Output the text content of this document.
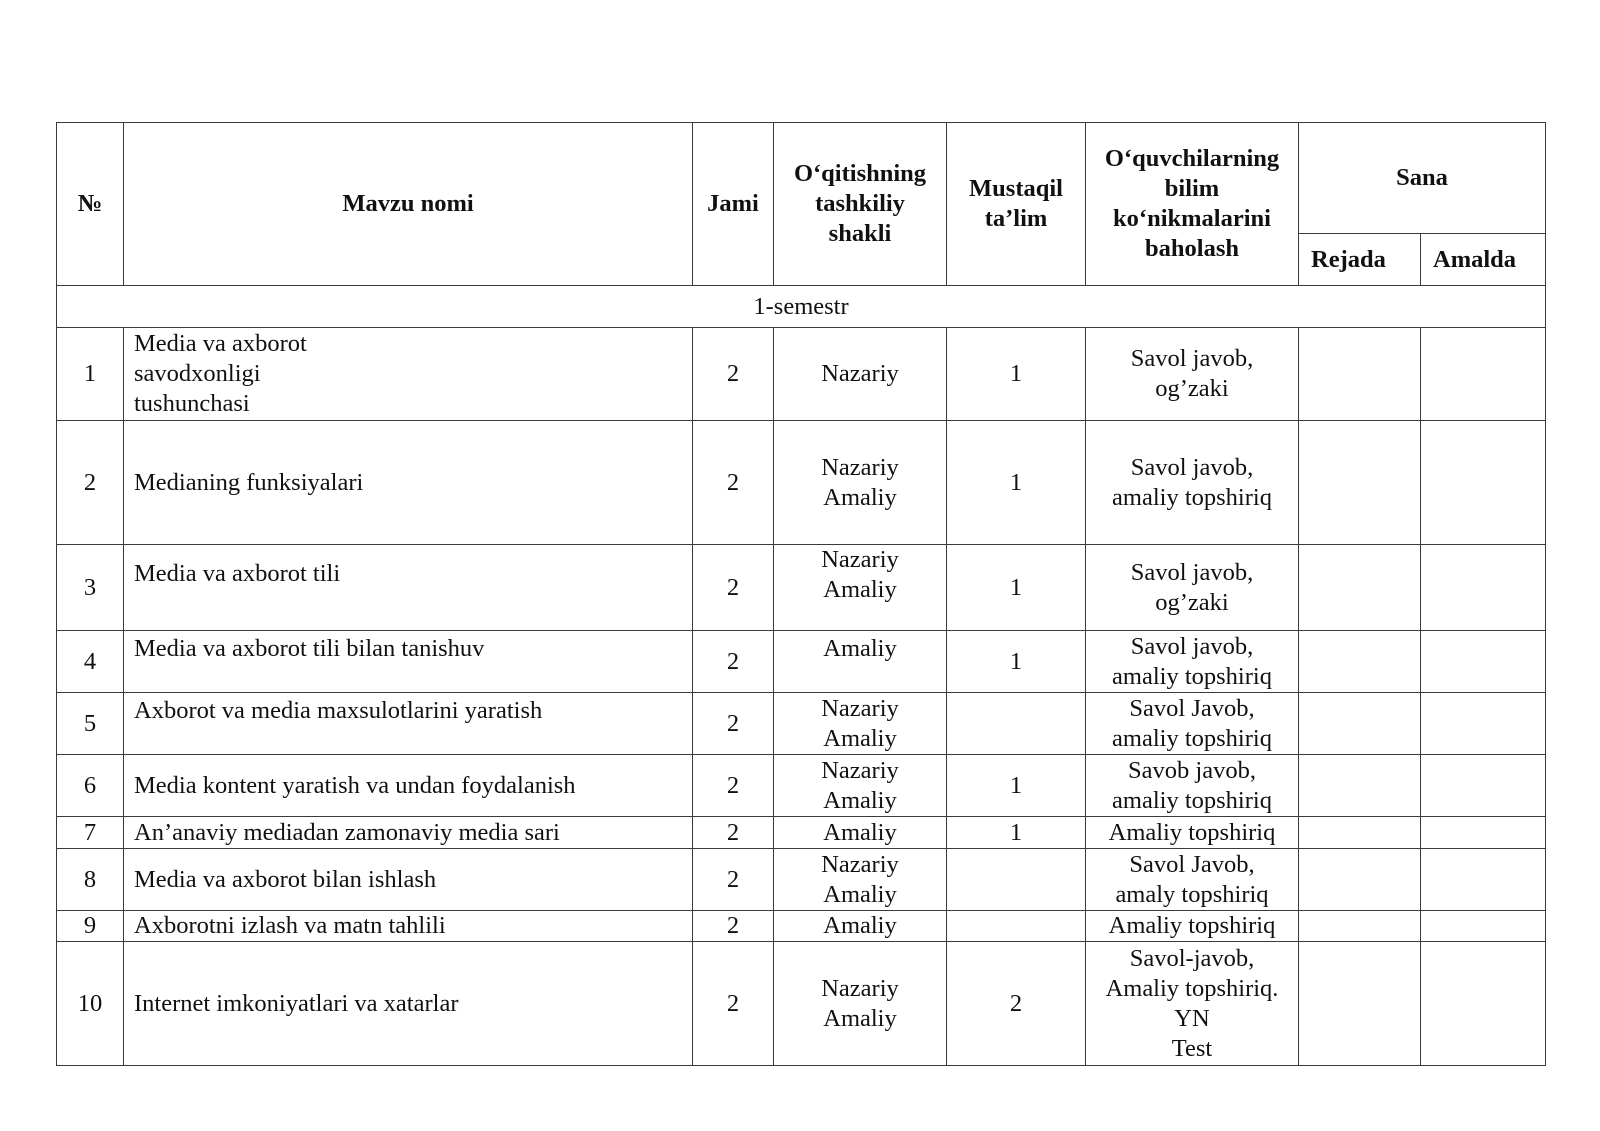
№	Mavzu nomi	Jami	O‘qitishning
tashkiliy
shakli	Mustaqil
ta’lim	O‘quvchilarning
bilim
ko‘nikmalarini
baholash	Sana	
						Rejada	Amalda
1-semestr							
1	Media va axborot
savodxonligi
tushunchasi	2	Nazariy	1	Savol javob,
og’zaki		
2	Medianing funksiyalari	2	Nazariy
Amaliy	1	Savol javob,
amaliy topshiriq		
3	Media va axborot tili	2	Nazariy
Amaliy	1	Savol javob,
og’zaki		
4	Media va axborot tili bilan tanishuv	2	Amaliy	1	Savol javob,
amaliy topshiriq		
5	Axborot va media maxsulotlarini yaratish	2	Nazariy
Amaliy		Savol Javob,
amaliy topshiriq		
6	Media kontent yaratish va undan foydalanish	2	Nazariy
Amaliy	1	Savob javob,
amaliy topshiriq		
7	An’anaviy mediadan zamonaviy media sari	2	Amaliy	1	Amaliy topshiriq		
8	Media va axborot bilan ishlash	2	Nazariy
Amaliy		Savol Javob,
amaly topshiriq		
9	Axborotni izlash va matn tahlili	2	Amaliy		Amaliy topshiriq		
10	Internet imkoniyatlari va xatarlar	2	Nazariy
Amaliy	2	Savol-javob,
Amaliy topshiriq.
YN
Test		
